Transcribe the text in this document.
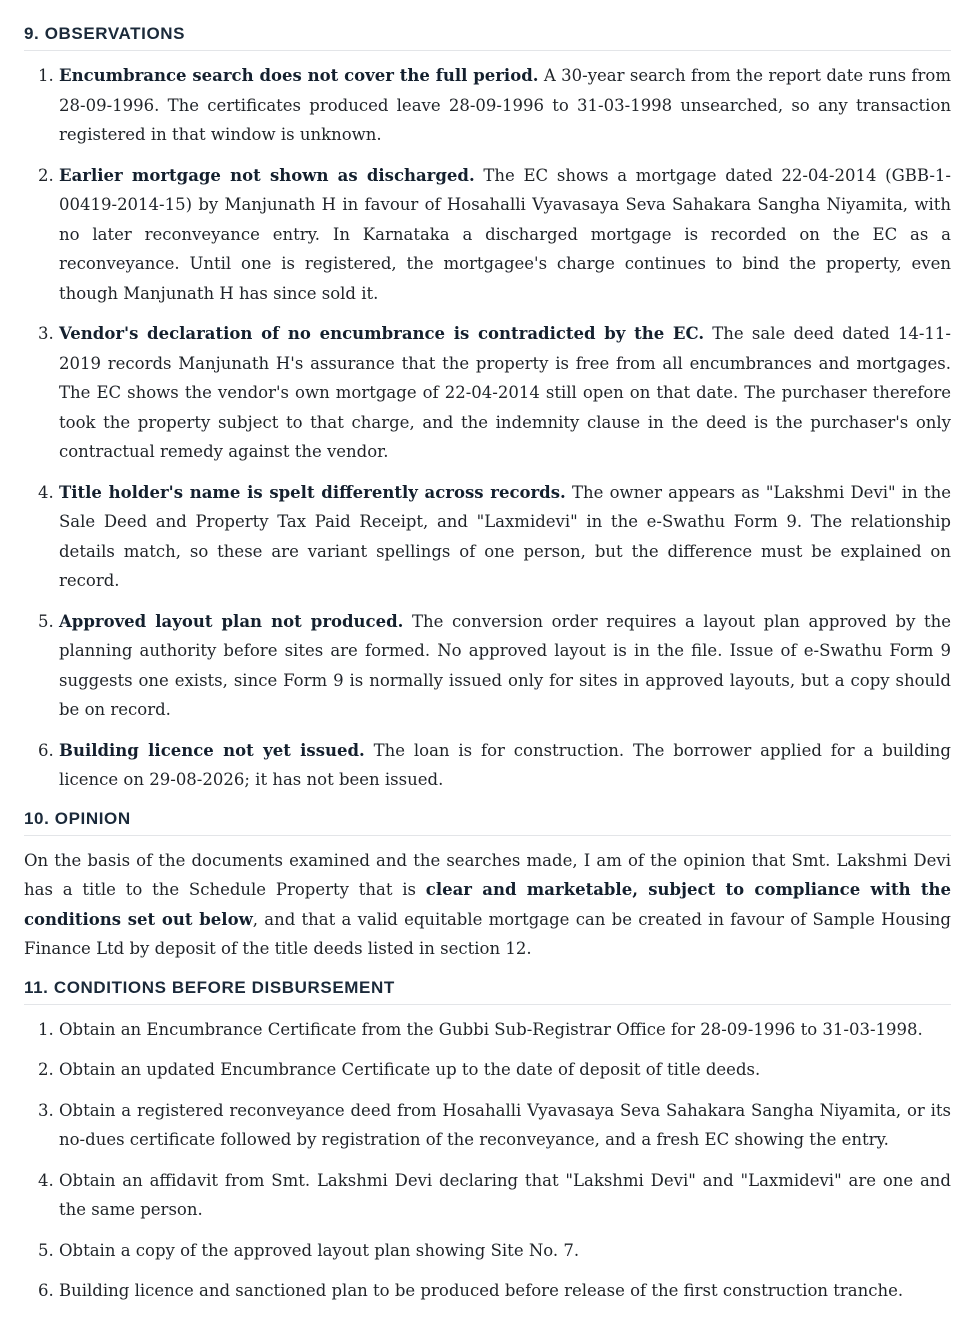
9. OBSERVATIONS
1. Encumbrance search does not cover the full period. A 30-year search from the report date runs from 28-09-1996. The certificates produced leave 28-09-1996 to 31-03-1998 unsearched, so any transaction registered in that window is unknown.
2. Earlier mortgage not shown as discharged. The EC shows a mortgage dated 22-04-2014 (GBB-1-00419-2014-15) by Manjunath H in favour of Hosahalli Vyavasaya Seva Sahakara Sangha Niyamita, with no later reconveyance entry. In Karnataka a discharged mortgage is recorded on the EC as a reconveyance. Until one is registered, the mortgagee's charge continues to bind the property, even though Manjunath H has since sold it.
3. Vendor's declaration of no encumbrance is contradicted by the EC. The sale deed dated 14-11-2019 records Manjunath H's assurance that the property is free from all encumbrances and mortgages. The EC shows the vendor's own mortgage of 22-04-2014 still open on that date. The purchaser therefore took the property subject to that charge, and the indemnity clause in the deed is the purchaser's only contractual remedy against the vendor.
4. Title holder's name is spelt differently across records. The owner appears as "Lakshmi Devi" in the Sale Deed and Property Tax Paid Receipt, and "Laxmidevi" in the e-Swathu Form 9. The relationship details match, so these are variant spellings of one person, but the difference must be explained on record.
5. Approved layout plan not produced. The conversion order requires a layout plan approved by the planning authority before sites are formed. No approved layout is in the file. Issue of e-Swathu Form 9 suggests one exists, since Form 9 is normally issued only for sites in approved layouts, but a copy should be on record.
6. Building licence not yet issued. The loan is for construction. The borrower applied for a building licence on 29-08-2026; it has not been issued.
10. OPINION

On the basis of the documents examined and the searches made, I am of the opinion that Smt. Lakshmi Devi has a title to the Schedule Property that is clear and marketable, subject to compliance with the conditions set out below, and that a valid equitable mortgage can be created in favour of Sample Housing Finance Ltd by deposit of the title deeds listed in section 12.

11. CONDITIONS BEFORE DISBURSEMENT
1. Obtain an Encumbrance Certificate from the Gubbi Sub-Registrar Office for 28-09-1996 to 31-03-1998.
2. Obtain an updated Encumbrance Certificate up to the date of deposit of title deeds.
3. Obtain a registered reconveyance deed from Hosahalli Vyavasaya Seva Sahakara Sangha Niyamita, or its no-dues certificate followed by registration of the reconveyance, and a fresh EC showing the entry.
4. Obtain an affidavit from Smt. Lakshmi Devi declaring that "Lakshmi Devi" and "Laxmidevi" are one and the same person.
5. Obtain a copy of the approved layout plan showing Site No. 7.
6. Building licence and sanctioned plan to be produced before release of the first construction tranche.
